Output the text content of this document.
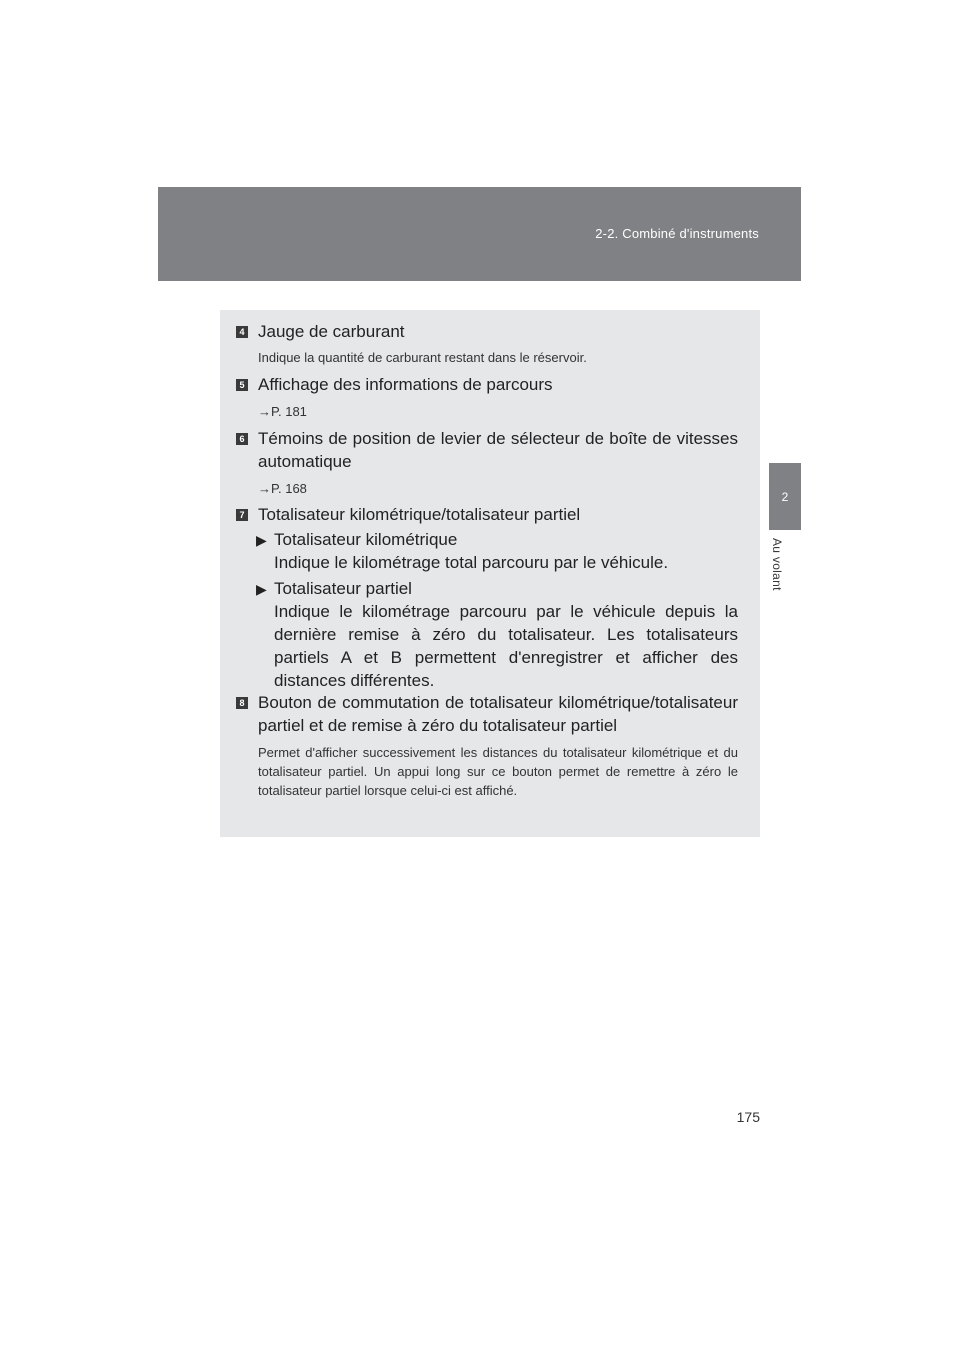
2-2. Combiné d'instruments
2
Au volant
4 Jauge de carburant
Indique la quantité de carburant restant dans le réservoir.
5 Affichage des informations de parcours
→P. 181
6 Témoins de position de levier de sélecteur de boîte de vitesses automatique
→P. 168
7 Totalisateur kilométrique/totalisateur partiel
▶ Totalisateur kilométrique
Indique le kilométrage total parcouru par le véhicule.
▶ Totalisateur partiel
Indique le kilométrage parcouru par le véhicule depuis la dernière remise à zéro du totalisateur. Les totalisateurs partiels A et B permettent d'enregistrer et afficher des distances différentes.
8 Bouton de commutation de totalisateur kilométrique/totalisateur partiel et de remise à zéro du totalisateur partiel
Permet d'afficher successivement les distances du totalisateur kilométrique et du totalisateur partiel. Un appui long sur ce bouton permet de remettre à zéro le totalisateur partiel lorsque celui-ci est affiché.
175
